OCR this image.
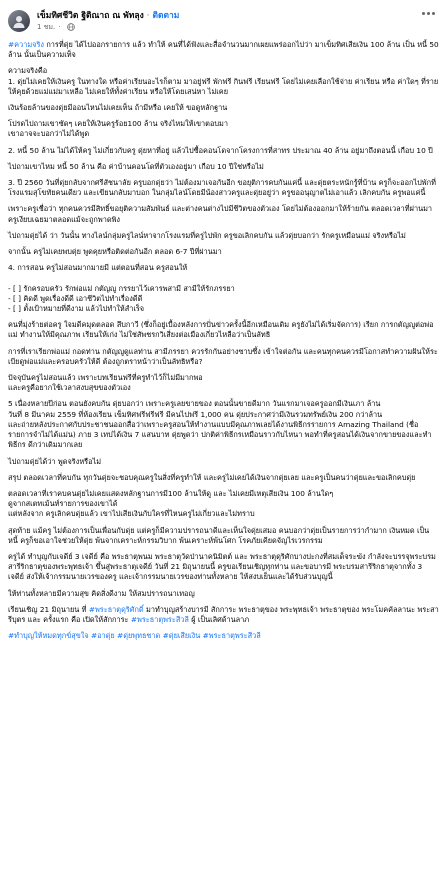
เข็มทิศชีวิต ฐิติณาถ ณ พัทลุง · ติดตาม
1 ชม. ·

#ความจริง การที่ดุ่ย ได้ไปออกรายการ แล้ว ทำให้ คนที่ได้ฟังและสื่อจำนวนมากเผยแพร่ออกไปว่า มาเข็มทิศเสียเงิน 100 ล้าน เป็น หนี้ 50 ล้าน นั้นเป็นความเท็จ

ความจริงคือ
1. ดุ่ยไม่เคยให้เงินครู ในทางใด หรือค่าเรียนอะไรก็ตาม มาอยู่ฟรี พักฟรี กินฟรี เรียนฟรี โดยไม่เคยเลือกใช้จ่าย ค่าเรียน หรือ ค่าใดๆ ที่รายให้คุยด้วยแม่แม่มาเหลือ ไม่เคยให้ทั้งค่าเรียน หรือให้โดยเสน่หา ไม่เคย

เงินร้อยล้านของดุ่ยมีออนไหนไม่เคยเห็น ถ้ามีหรือ เคยให้ ขอดูหลักฐาน

โปรดไปถามเขาซัดๆ เคยให้เงินครูร้อย100 ล้าน จริงไหมให้เขาตอบมา
เขาอาจจะบอกว่าไม่ได้พูด

2. หนี้ 50 ล้าน ไม่ได้ให้ครู ไม่เกี่ยวกับครู ดุ่ยหาที่อยู่ แล้วไปซื้อคอนโดจากโครงการที่สาทร ประมาณ 40 ล้าน อยู่มาถึงตอนนี้ เกือบ 10 ปี

ไปถามเขาไหม หนี้ 50 ล้าน คือ ค่าบ้านคอนโดที่ตัวเองอยู่มา เกือบ 10 ปีใช่หรือไม่

3. ปี 2560 วันที่ดุ่ยกลับจากศรีสัชนาลัย ครูบอกดุ่ยว่า ไม่ต้องมาเจอกันอีก ขอยุติการคบกันแค่นี้ และดุ่ยตระหนักรู้ที่บ้าน ครูก็จะออกไปพักที่โรงแรมสุโขทัยคนเดียว และเขียนกลับมาบอก ในกลุ่มไลน์โดยมีน้องสาวครูและดุ่ยอยู่ว่า ครูขออนุญาตไม่เอาแล้ว เลิกคบกัน ครูพอแค่นี้

เพราะครูเชื่อว่า ทุกคนควรมีสิทธิ์ขอยุติความสัมพันธ์ และต่างคนต่างไปมีชีวิตของตัวเอง โดยไม่ต้องออกมาให้ร้ายกัน ตลอดเวลาที่ผ่านมา ครูเงียบเฉยมาตลอดแม้จะถูกพาดพิง

ไปถามดุ่ยได้ ว่า วันนั้น ทางไลน์กลุ่มครูไลน์หาจากโรงแรมที่ครูไปพัก ครูขอเลิกคบกัน แล้วดุ่ยบอกว่า รักครูเหมือนแม่ จริงหรือไม่

จากนั้น ครูไม่เคยพบดุ่ย พูดคุยหรือติดต่อกันอีก ตลอด 6-7 ปีที่ผ่านมา

4. การสอน ครูไม่สอนมากมายมี แต่ตอนที่สอน ครูสอนให้

- [ ] รักครอบครัว รักพ่อแม่ กตัญญู กรรยาไว้เคารพสามี สามีให้รักภรรยา
- [ ] คิดดี พูดเรื่องดีดี เอาชีวิตไปทำเรื่องดีดี
- [ ] ตั้งเป้าหมายที่ดีงาม แล้วไปทำให้สำเร็จ

คนที่มุ่งร้ายต่อครู ใจมดีคมุดตลอด ลึบกาวี (ซึ่งก็อยู่เบื้องหลังการปั่นข่าวครั้งนี้อีกเหมือนเดิม ครูยังไม่ได้เริ่มจัดการ) เรียก การกตัญญูต่อพ่อแม่ ทำงานให้มีคุณภาพ เรียนให้เก่ง ไม่ใช่สัพชรกวิเสี่ยงต่อเมืองเกี่ยวไหลือว่าเป็นลัทธิ

การที่เราเรียกพ่อแม่ กอดท่าน กตัญญูดูแลท่าน สามีภรรยา ควรรักกันอย่างซาบซึ้ง เข้าใจต่อกัน และคนทุกคนควรมีโอกาสทำความฝันให้ระเบียดูพ่อแม่และครอบครัวให้ดี ต้องถูกตราหน้าว่าเป็นลัทธิหรือ?

ปัจจุบันครูไม่สอนแล้ว เพราะบทเรียนฟรีที่ครูทำไว้ก็ไม่มีมากพอ
และครูคือยากใช้เวลาสงบสุขของตัวเอง

5 เนื่องหลายปีก่อน ตอนยังคบกัน ดุ่ยบอกว่า เพราะครูเลยขายของ ตอนนั้นขายดีมาก วันแรกมาเจอครูออกมีเงินเภา ล้าน
วันที่ 8 มีนาคม 2559 ที่ห้องเรียน เข็มทิศฟรีฟรีฟรี มีคนไปฟรี 1,000 คน ดุ่ยประกาศว่ามีเงินรวมทรัพย์เงิน 200 กว่าล้าน
และถ่ายหลังประกาศกับประชาชนออกสื่อว่าเพราะครูสอนให้ทำงานแบบมีคุณภาพเลยได้งานพิธีกรรายการ Amazing Thailand (ชื่อรายการจำไม่ได้แม่น) ภาย 3 เทปได้เงิน 7 แสนบาท ดุ่ยพูดว่า ปกติค่าพิธีกรเหมือนราวกับไหนา พอทำที่ครูสอนได้เงินจากขายของและทำพิธีกร ดีกว่าเดิมมากเลย

ไปถามดุ่ยได้ว่า พูดจริงหรือไม่

สรุป ตลอดเวลาที่คบกัน ทุกวันดุ่ยจะชอบคุณครูในสิ่งที่ครูทำให้ และครูไม่เคยได้เงินจากดุ่ยเลย และครูเป็นคนว่าดุ่ยและขอเลิกคบดุ่ย

ตลอดเวลาที่เราคบคนดุ่ยไม่เคยแสดงหลักฐานการมี100 ล้านให้ดู และ ไม่เคยมีเหตุเสียเงิน 100 ล้านใดๆ
ดูจากสเตทเม้นท์รายการของเขาได้
แต่หลังจาก ครูเลิกคบดุ่ยแล้ว เขาไปเสียเงินกับใครที่ไหนครูไม่เกี่ยวและไม่ทราบ

สุดท้าย แม้ครู ไม่ต้องการเป็นเพื่อนกับดุ่ย แต่ครูก็มีความปรารถนาดีและเห็นใจดุ่ยเสมอ คนบอกว่าดุ่ยเป็นรายการว่ากำมาก เงินหมด เป็นหนี้ ครูก็ขอเอาใจช่วยให้ดุ่ย พ้นจากเคราะห์กรรมวิบาก พ้นเคราะห์พ้นโศก โรคภัยเคียดจัญไรเวรกรรม

ครูได้ ทำบุญกับเจดีย์ 3 เจดีย์ คือ พระธาตุพนม พระธาตุวัดป่านาคนิมิตต์ และ พระธาตุดุริศักบางปะกงที่สมเด็จระฆัง กำลังจะบรรจุพระบรมสารีริกธาตุของพระพุทธเจ้า ขึ้นสู่พระธาตุเจดีย์ วันที่ 21 มิถุนายนนี้ ครูขอเรียนเชิญทุกท่าน และขอบารมี พระบรมสารีริกธาตุจากทั้ง 3 เจดีย์ ส่งให้เจ้ากรรมนายเวรของครู และเจ้ากรรมนายเวรของท่านทั้งหลาย ให้สงบเย็นและได้รับส่วนบุญนี้

ให้ท่านทั้งหลายมีความสุข คิดสิ่งดีงาม ให้สมปรารถนาเทอญ

เรียนเชิญ 21 มิถุนายน ที่ #พระธาตุดุริศักดิ์ มาทำบุญสร้างบารมี สักการะ พระธาตุของ พระพุทธเจ้า พระธาตุของ พระโมคคัลลานะ พระสารีบุตร และ ครั้งแรก คือ เปิดให้สักการะ #พระธาตุพระสีวลี ผู้ เป็นเลิศด้านลาภ

#ทำบุญให้หมดทุกข์สุขใจ #อาดุ่ย #ดุ่ยพุทธชาด #ดุ่ยเสียเงิน #พระธาตุพระสีวลี
